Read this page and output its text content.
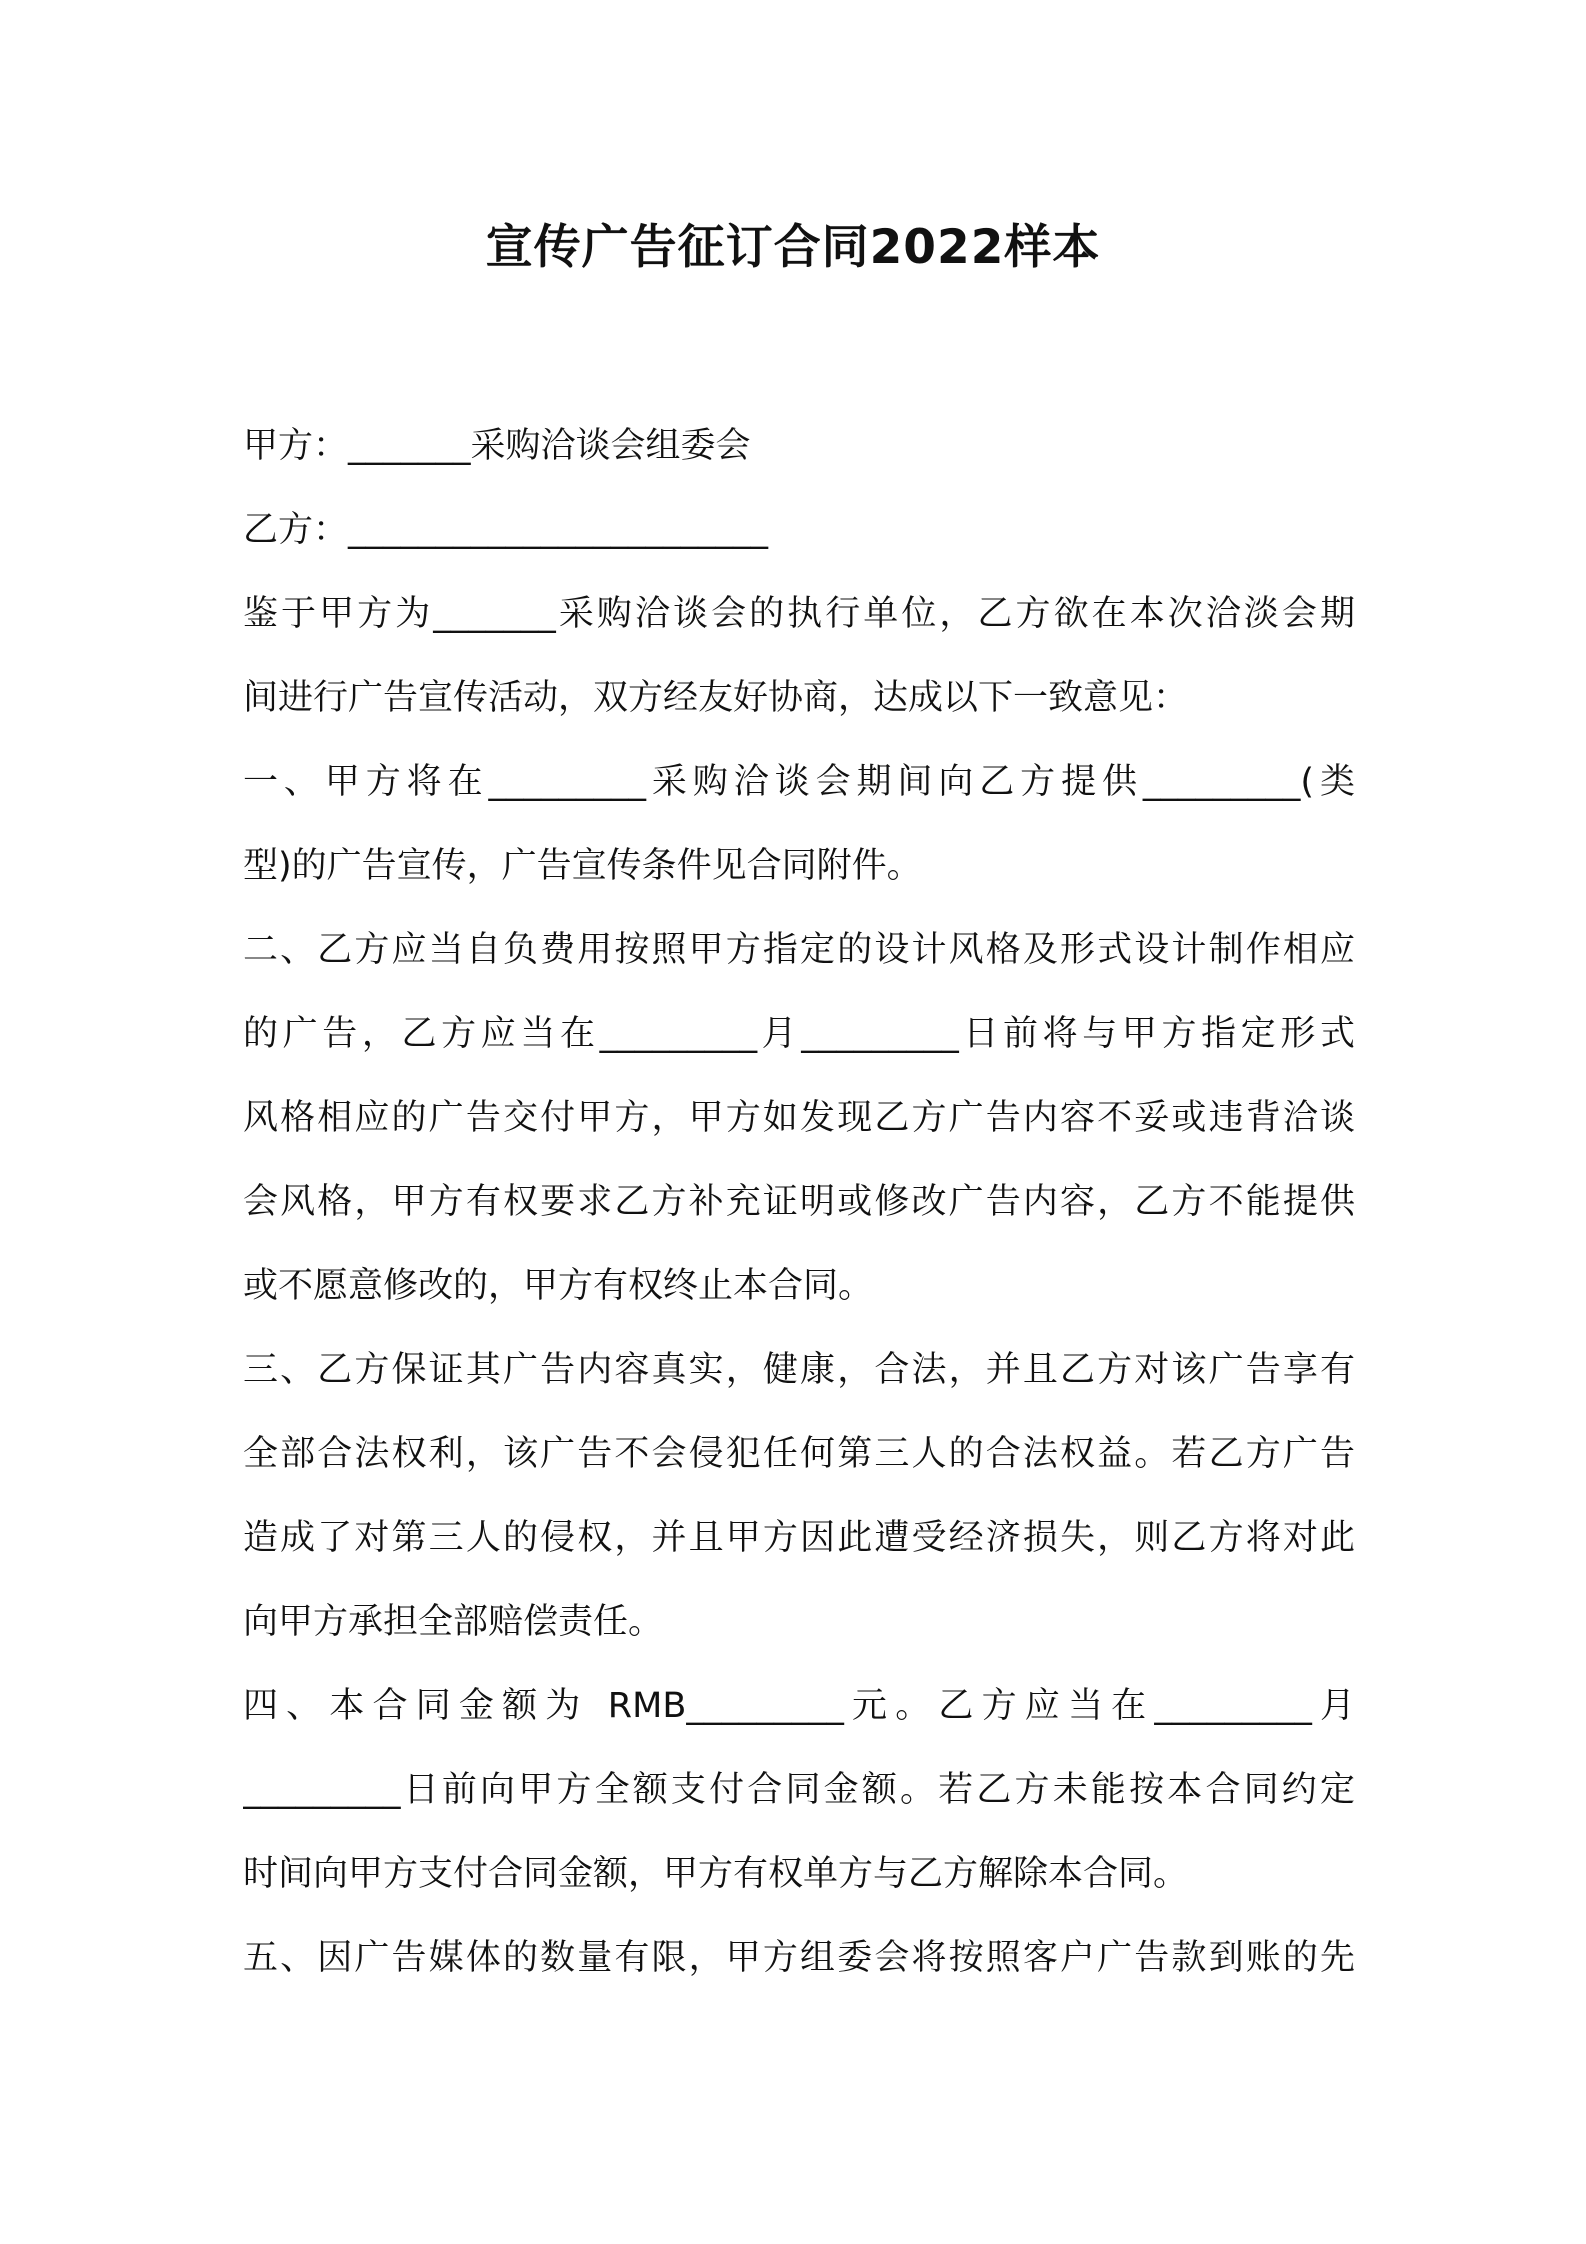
宣传广告征订合同2022样本
甲方：_______采购洽谈会组委会
乙方：________________________
鉴于甲方为_______采购洽谈会的执行单位，乙方欲在本次洽淡会期
间进行广告宣传活动，双方经友好协商，达成以下一致意见：
一、甲方将在_________采购洽谈会期间向乙方提供_________(类
型)的广告宣传，广告宣传条件见合同附件。
二、乙方应当自负费用按照甲方指定的设计风格及形式设计制作相应
的广告，乙方应当在_________月_________日前将与甲方指定形式
风格相应的广告交付甲方，甲方如发现乙方广告内容不妥或违背洽谈
会风格，甲方有权要求乙方补充证明或修改广告内容，乙方不能提供
或不愿意修改的，甲方有权终止本合同。
三、乙方保证其广告内容真实，健康，合法，并且乙方对该广告享有
全部合法权利，该广告不会侵犯任何第三人的合法权益。若乙方广告
造成了对第三人的侵权，并且甲方因此遭受经济损失，则乙方将对此
向甲方承担全部赔偿责任。
四、本合同金额为 RMB_________元。乙方应当在_________月
_________日前向甲方全额支付合同金额。若乙方未能按本合同约定
时间向甲方支付合同金额，甲方有权单方与乙方解除本合同。
五、因广告媒体的数量有限，甲方组委会将按照客户广告款到账的先
